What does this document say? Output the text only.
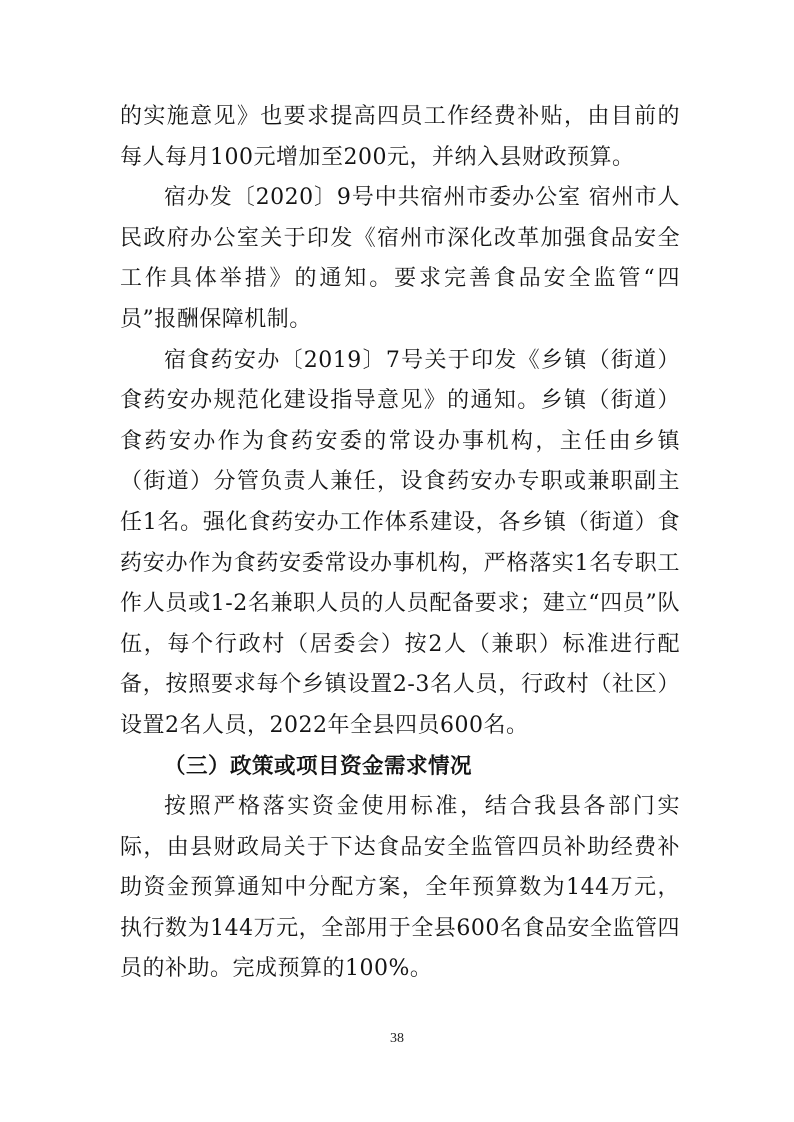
的实施意见》也要求提高四员工作经费补贴，由目前的每人每月100元增加至200元，并纳入县财政预算。

宿办发〔2020〕9号中共宿州市委办公室 宿州市人民政府办公室关于印发《宿州市深化改革加强食品安全工作具体举措》的通知。要求完善食品安全监管“四员”报酬保障机制。

宿食药安办〔2019〕7号关于印发《乡镇（街道）食药安办规范化建设指导意见》的通知。乡镇（街道）食药安办作为食药安委的常设办事机构，主任由乡镇（街道）分管负责人兼任，设食药安办专职或兼职副主任1名。强化食药安办工作体系建设，各乡镇（街道）食药安办作为食药安委常设办事机构，严格落实1名专职工作人员或1-2名兼职人员的人员配备要求；建立“四员”队伍，每个行政村（居委会）按2人（兼职）标准进行配备，按照要求每个乡镇设置2-3名人员，行政村（社区）设置2名人员，2022年全县四员600名。

（三）政策或项目资金需求情况

按照严格落实资金使用标准，结合我县各部门实际，由县财政局关于下达食品安全监管四员补助经费补助资金预算通知中分配方案，全年预算数为144万元，执行数为144万元，全部用于全县600名食品安全监管四员的补助。完成预算的100%。

38
